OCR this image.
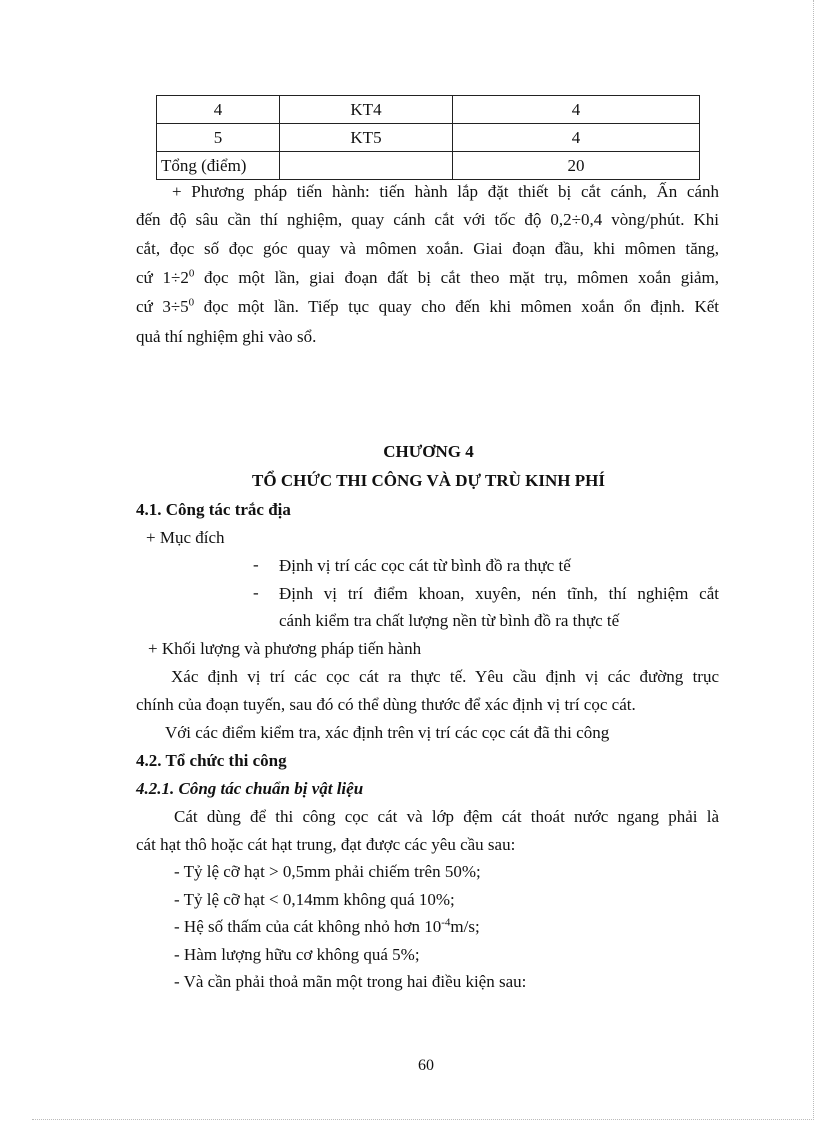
4	KT4	4
5	KT5	4
Tổng (điểm)		20
+ Phương pháp tiến hành: tiến hành lắp đặt thiết bị cắt cánh, Ấn cánh
đến độ sâu cần thí nghiệm, quay cánh cắt với tốc độ 0,2÷0,4 vòng/phút. Khi
cắt, đọc số đọc góc quay và mômen xoắn. Giai đoạn đầu, khi mômen tăng,
cứ $1\div 2^0$ đọc một lần, giai đoạn đất bị cắt theo mặt trụ, mômen xoắn giảm,
cứ $3\div 5^0$ đọc một lần. Tiếp tục quay cho đến khi mômen xoắn ổn định. Kết
quả thí nghiệm ghi vào sổ.
CHƯƠNG 4
TỔ CHỨC THI CÔNG VÀ DỰ TRÙ KINH PHÍ
4.1. Công tác trắc địa
+ Mục đích
- Định vị trí các cọc cát từ bình đồ ra thực tế
- Định vị trí điểm khoan, xuyên, nén tĩnh, thí nghiệm cắt
cánh kiểm tra chất lượng nền từ bình đồ ra thực tế
+ Khối lượng và phương pháp tiến hành
Xác định vị trí các cọc cát ra thực tế. Yêu cầu định vị các đường trục
chính của đoạn tuyến, sau đó có thể dùng thước để xác định vị trí cọc cát.
Với các điểm kiểm tra, xác định trên vị trí các cọc cát đã thi công
4.2. Tổ chức thi công
4.2.1. Công tác chuẩn bị vật liệu
Cát dùng để thi công cọc cát và lớp đệm cát thoát nước ngang phải là
cát hạt thô hoặc cát hạt trung, đạt được các yêu cầu sau:
- Tỷ lệ cỡ hạt > 0,5mm phải chiếm trên 50%;
- Tỷ lệ cỡ hạt < 0,14mm không quá 10%;
- Hệ số thấm của cát không nhỏ hơn $10^{-4}m/s$;
- Hàm lượng hữu cơ không quá 5%;
- Và cần phải thoả mãn một trong hai điều kiện sau:
60
